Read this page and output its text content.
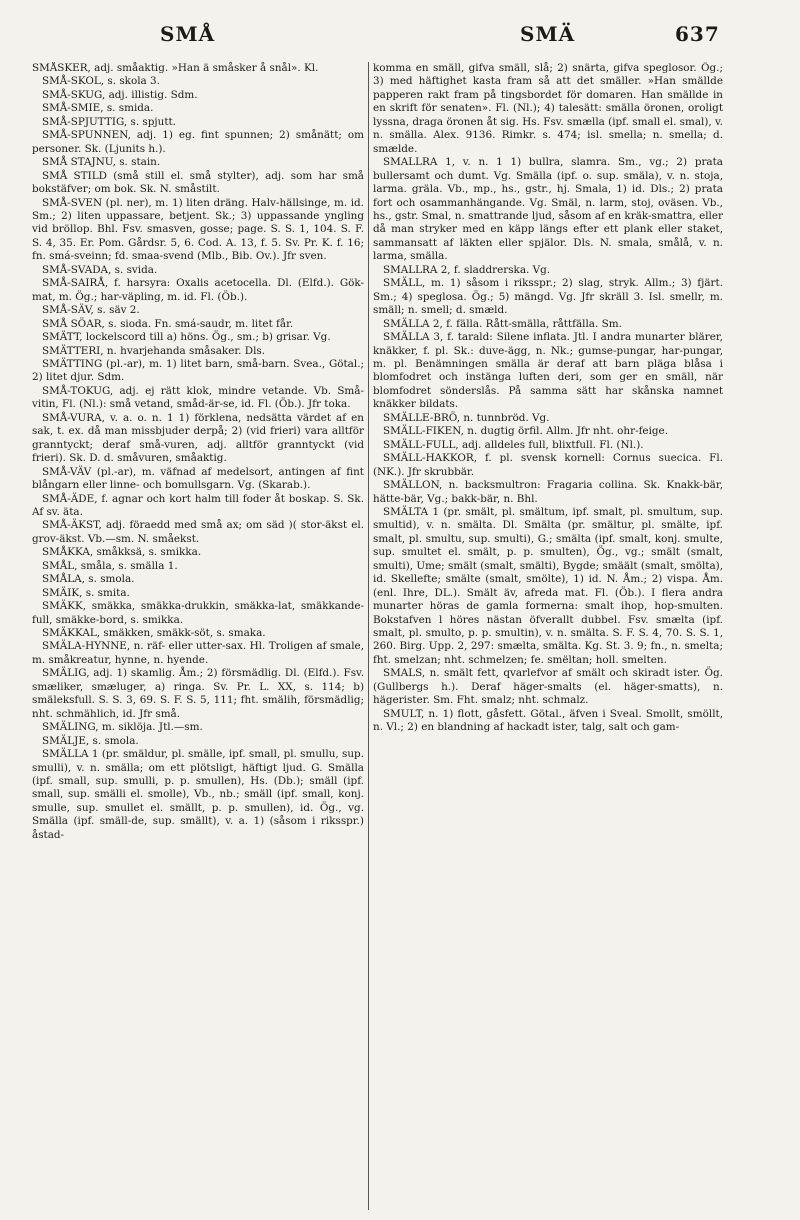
SMÅ	SMÄ	637

SMÅSKER, adj. småaktig. »Han ä småsker å snål». Kl.

SMÅ-SKOL, s. skola 3.

SMÅ-SKUG, adj. illistig. Sdm.

SMÅ-SMIE, s. smida.

SMÅ-SPJUTTIG, s. spjutt.

SMÅ-SPUNNEN, adj. 1) eg. fint spunnen; 2) smånätt; om personer. Sk. (Ljunits h.).

SMÅ STAJNU, s. stain.

SMÅ STILD (små still el. små stylter), adj. som har små bokstäfver; om bok. Sk. N. småstilt.

SMÅ-SVEN (pl. ner), m. 1) liten dräng. Halv-hällsinge, m. id. Sm.; 2) liten uppassare, betjent. Sk.; 3) uppassande yngling vid bröllop. Bhl. Fsv. smasven, gosse; page. S. S. 1, 104. S. F. S. 4, 35. Er. Pom. Gårdsr. 5, 6. Cod. A. 13, f. 5. Sv. Pr. K. f. 16; fn. smá-sveinn; fd. smaa-svend (Mlb., Bib. Ov.). Jfr sven.

SMÅ-SVADA, s. svida.

SMÅ-SAIRÅ, f. harsyra: Oxalis acetocella. Dl. (Elfd.). Gök-mat, m. Ög.; har-väpling, m. id. Fl. (Öb.).

SMÅ-SÄV, s. säv 2.

SMÅ SÖAR, s. sioda. Fn. smá-saudr, m. litet får.

SMÄTT, lockelscord till a) höns. Ög., sm.; b) grisar. Vg.

SMÄTTERI, n. hvarjehanda småsaker. Dls.

SMÄTTING (pl.-ar), m. 1) litet barn, små-barn. Svea., Götal.; 2) litet djur. Sdm.

SMÅ-TOKUG, adj. ej rätt klok, mindre vetande. Vb. Små-vitin, Fl. (Nl.): små vetand, småd-är-se, id. Fl. (Öb.). Jfr toka.

SMÅ-VURA, v. a. o. n. 1 1) förklena, nedsätta värdet af en sak, t. ex. då man missbjuder derpå; 2) (vid frieri) vara alltför granntyckt; deraf små-vuren, adj. alltför granntyckt (vid frieri). Sk. D. d. småvuren, småaktig.

SMÅ-VÄV (pl.-ar), m. väfnad af medelsort, antingen af fint blångarn eller linne- och bomullsgarn. Vg. (Skarab.).

SMÅ-ÄDE, f. agnar och kort halm till foder åt boskap. S. Sk. Af sv. äta.

SMÅ-ÄKST, adj. föraedd med små ax; om säd )( stor-äkst el. grov-äkst. Vb.—sm. N. småekst.

SMÅKKA, småkksä, s. smikka.

SMÅL, småla, s. smälla 1.

SMÅLA, s. smola.

SMÄIK, s. smita.

SMÄKK, smäkka, smäkka-drukkin, smäkka-lat, smäkkande-full, smäkke-bord, s. smikka.

SMÄKKAL, smäkken, smäkk-söt, s. smaka.

SMÄLA-HYNNE, n. räf- eller utter-sax. Hl. Troligen af smale, m. småkreatur, hynne, n. hyende.

SMÄLIG, adj. 1) skamlig. Åm.; 2) försmädlig. Dl. (Elfd.). Fsv. smæliker, smæluger, a) ringa. Sv. Pr. L. XX, s. 114; b) smäleksfull. S. S. 3, 69. S. F. S. 5, 111; fht. smälih, försmädlig; nht. schmählich, id. Jfr små.

SMÄLING, m. siklöja. Jtl.—sm.

SMÄLJE, s. smola.

SMÄLLA 1 (pr. smäldur, pl. smälle, ipf. small, pl. smullu, sup. smulli), v. n. smälla; om ett plötsligt, häftigt ljud. G. Smälla (ipf. small, sup. smulli, p. p. smullen), Hs. (Db.); smäll (ipf. small, sup. smälli el. smolle), Vb., nb.; smäll (ipf. small, konj. smulle, sup. smullet el. smällt, p. p. smullen), id. Ög., vg. Smälla (ipf. smäll-de, sup. smällt), v. a. 1) (såsom i riksspr.) åstad-

komma en smäll, gifva smäll, slå; 2) snärta, gifva speglosor. Ög.; 3) med häftighet kasta fram så att det smäller. »Han smällde papperen rakt fram på tingsbordet för domaren. Han smällde in en skrift för senaten». Fl. (Nl.); 4) talesätt: smälla öronen, oroligt lyssna, draga öronen åt sig. Hs. Fsv. smælla (ipf. small el. smal), v. n. smälla. Alex. 9136. Rimkr. s. 474; isl. smella; n. smella; d. smælde.

SMALLRA 1, v. n. 1 1) bullra, slamra. Sm., vg.; 2) prata bullersamt och dumt. Vg. Smälla (ipf. o. sup. smäla), v. n. stoja, larma. gräla. Vb., mp., hs., gstr., hj. Smala, 1) id. Dls.; 2) prata fort och osammanhängande. Vg. Smäl, n. larm, stoj, oväsen. Vb., hs., gstr. Smal, n. smattrande ljud, såsom af en kräk-smattra, eller då man stryker med en käpp längs efter ett plank eller staket, sammansatt af läkten eller spjälor. Dls. N. smala, smålå, v. n. larma, smälla.

SMALLRA 2, f. sladdrerska. Vg.

SMÄLL, m. 1) såsom i riksspr.; 2) slag, stryk. Allm.; 3) fjärt. Sm.; 4) speglosa. Ög.; 5) mängd. Vg. Jfr skräll 3. Isl. smellr, m. smäll; n. smell; d. smæld.

SMÄLLA 2, f. fälla. Rått-smälla, råttfälla. Sm.

SMÄLLA 3, f. tarald: Silene inflata. Jtl. I andra munarter blärer, knäkker, f. pl. Sk.: duve-ägg, n. Nk.; gumse-pungar, har-pungar, m. pl. Benämningen smälla är deraf att barn pläga blåsa i blomfodret och instänga luften deri, som ger en smäll, när blomfodret sönderslås. På samma sätt har skånska namnet knäkker bildats.

SMÄLLE-BRÖ, n. tunnbröd. Vg.

SMÄLL-FIKEN, n. dugtig örfil. Allm. Jfr nht. ohr-feige.

SMÄLL-FULL, adj. alldeles full, blixtfull. Fl. (Nl.).

SMÄLL-HAKKOR, f. pl. svensk kornell: Cornus suecica. Fl. (NK.). Jfr skrubbär.

SMÄLLON, n. backsmultron: Fragaria collina. Sk. Knakk-bär, hätte-bär, Vg.; bakk-bär, n. Bhl.

SMÄLTA 1 (pr. smält, pl. smältum, ipf. smalt, pl. smultum, sup. smultid), v. n. smälta. Dl. Smälta (pr. smältur, pl. smälte, ipf. smalt, pl. smultu, sup. smulti), G.; smälta (ipf. smalt, konj. smulte, sup. smultet el. smält, p. p. smulten), Ög., vg.; smält (smalt, smulti), Ume; smält (smalt, smälti), Bygde; smäält (smalt, smölta), id. Skellefte; smälte (smalt, smölte), 1) id. N. Åm.; 2) vispa. Åm. (enl. Ihre, DL.). Smält äv, afreda mat. Fl. (Öb.). I flera andra munarter höras de gamla formerna: smalt ihop, hop-smulten. Bokstafven l höres nästan öfverallt dubbel. Fsv. smælta (ipf. smalt, pl. smulto, p. p. smultin), v. n. smälta. S. F. S. 4, 70. S. S. 1, 260. Birg. Upp. 2, 297: smælta, smälta. Kg. St. 3. 9; fn., n. smelta; fht. smelzan; nht. schmelzen; fe. smëltan; holl. smelten.

SMALS, n. smält fett, qvarlefvor af smält och skiradt ister. Ög. (Gullbergs h.). Deraf häger-smalts (el. häger-smatts), n. hägerister. Sm. Fht. smalz; nht. schmalz.

SMULT, n. 1) flott, gåsfett. Götal., äfven i Sveal. Smollt, smöllt, n. Vl.; 2) en blandning af hackadt ister, talg, salt och gam-
